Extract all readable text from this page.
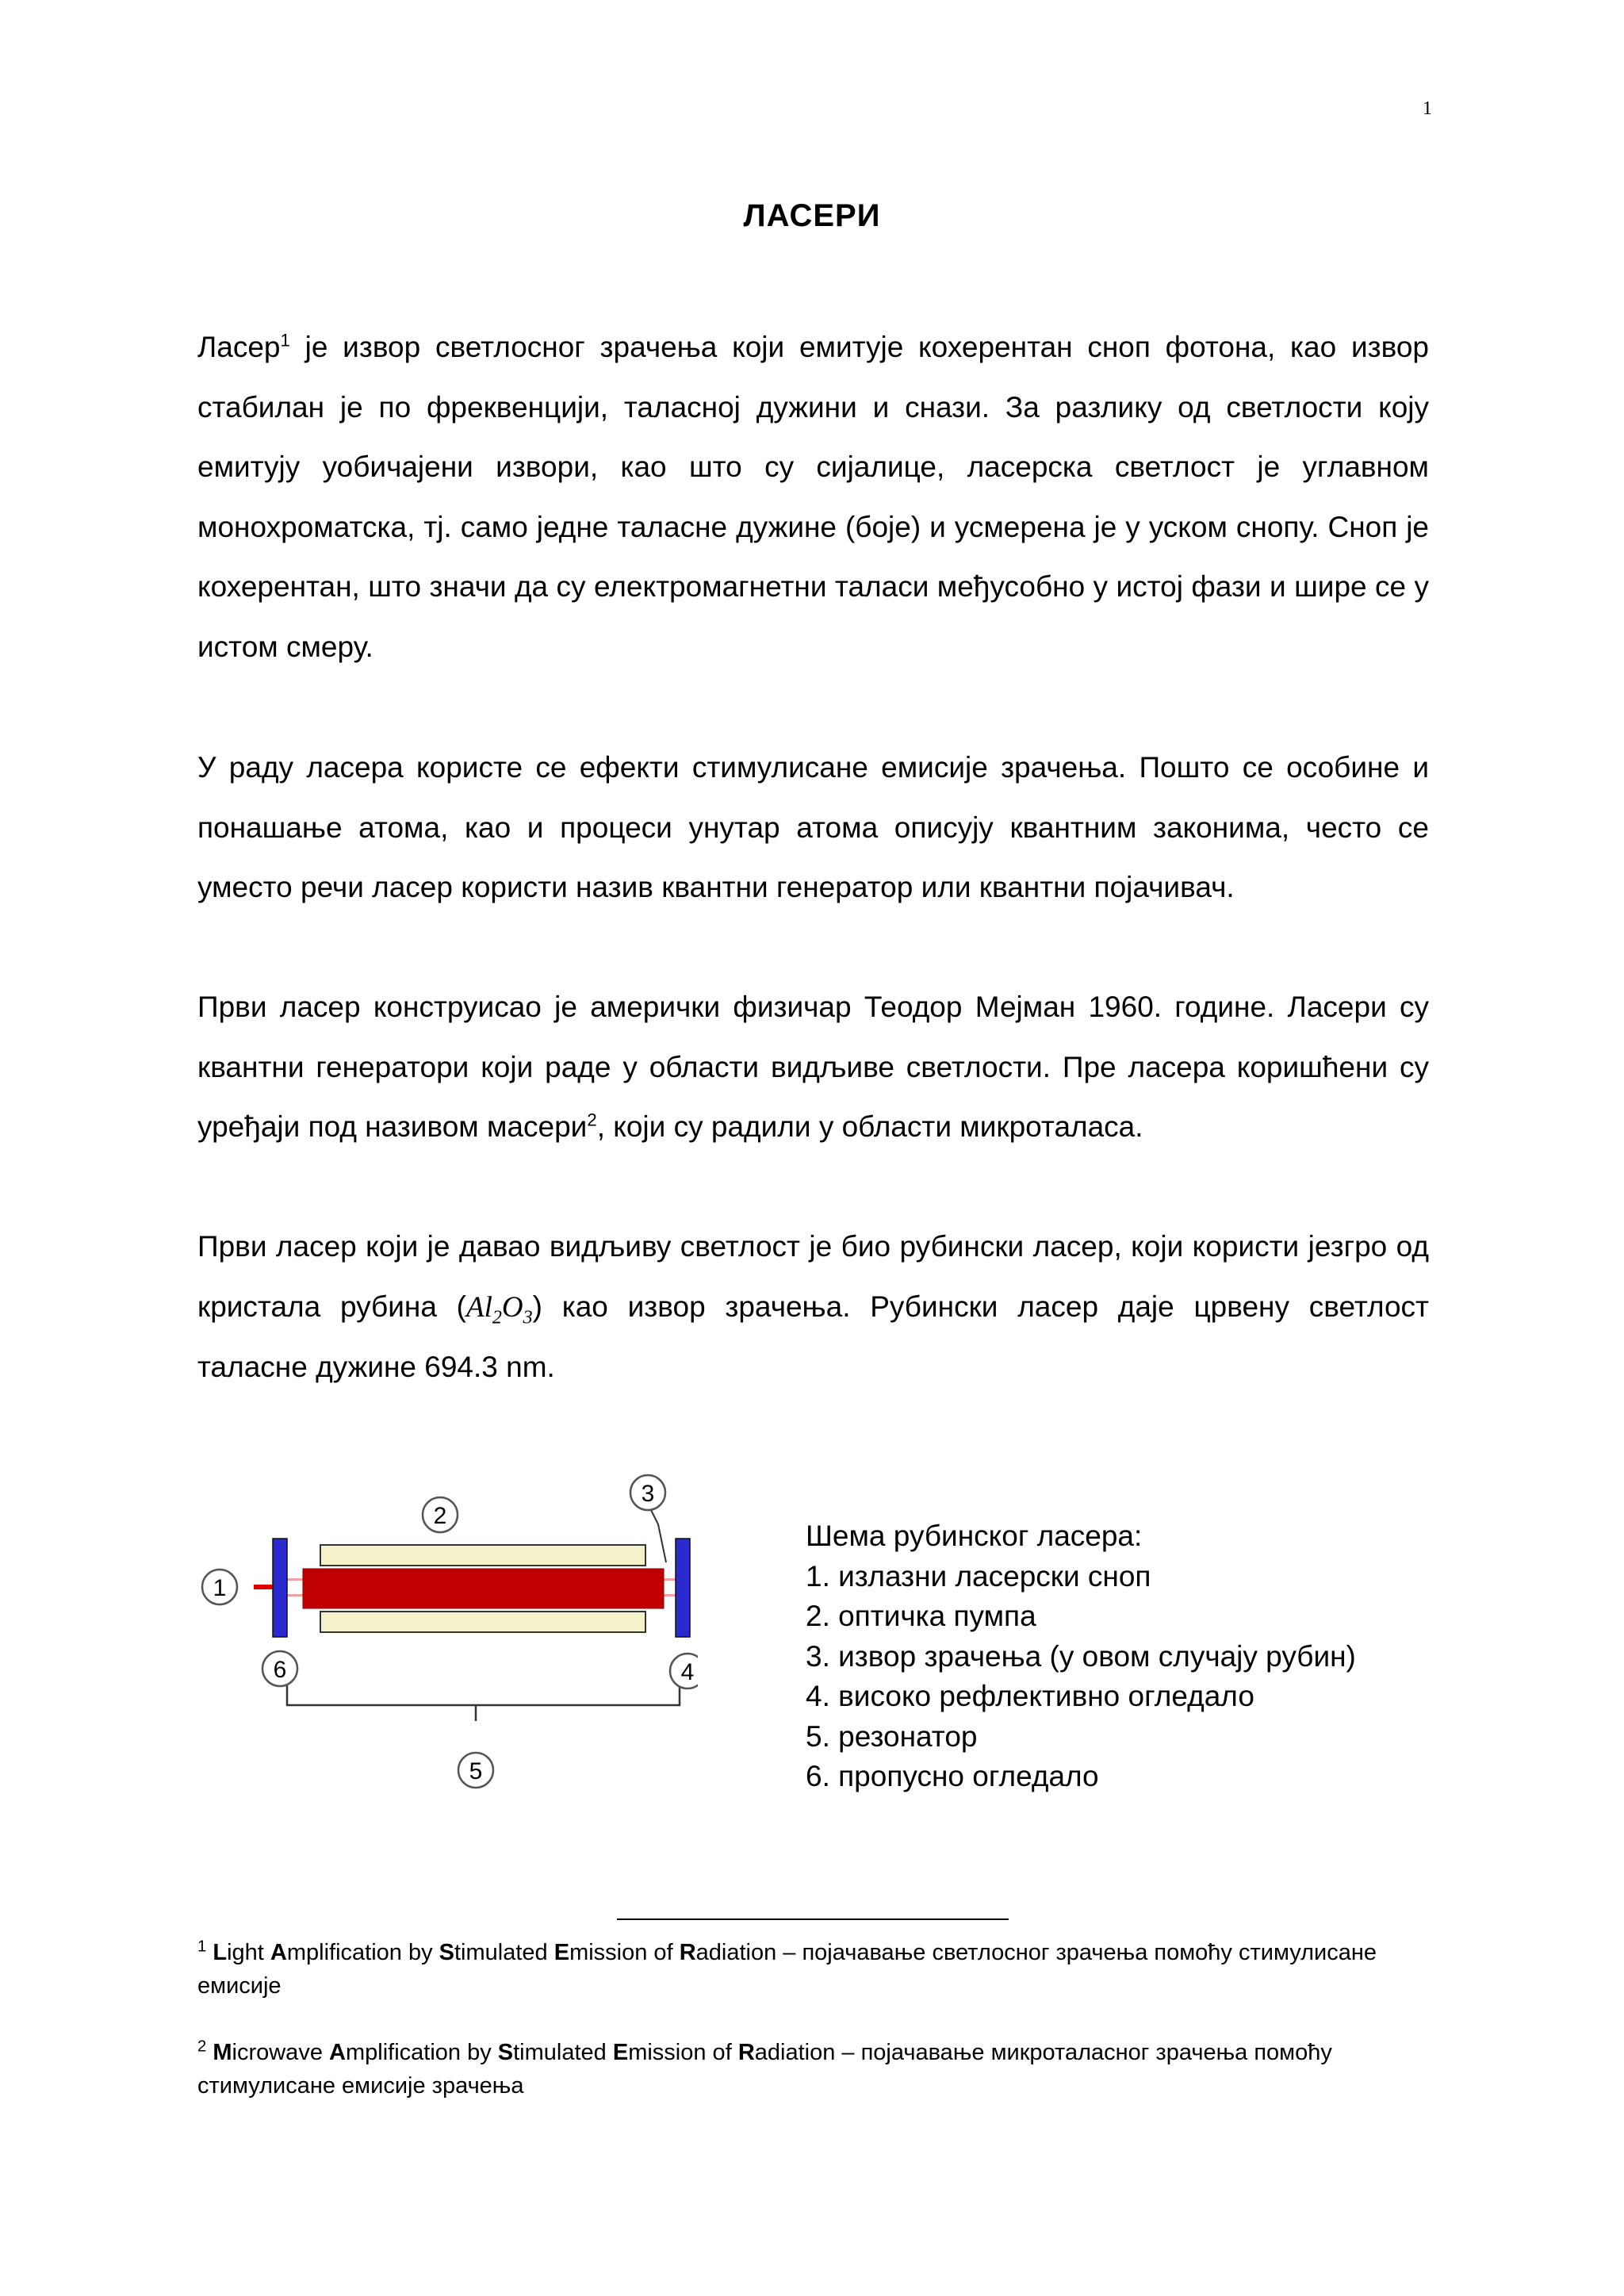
1
ЛАСЕРИ

Ласер$^1$ је извор светлосног зрачења који емитује кохерентан сноп фотона, као извор стабилан је по фреквенцији, таласној дужини и снази. За разлику од светлости коју емитују уобичајени извори, као што су сијалице, ласерска светлост је углавном монохроматска, тј. само једне таласне дужине (боје) и усмерена је у уском снопу. Сноп је кохерентан, што значи да су електромагнетни таласи међусобно у истој фази и шире се у истом смеру.

У раду ласера користе се ефекти стимулисане емисије зрачења. Пошто се особине и понашање атома, као и процеси унутар атома описују квантним законима, често се уместо речи ласер користи назив квантни генератор или квантни појачивач.

Први ласер конструисао је амерички физичар Теодор Мејман 1960. године. Ласери су квантни генератори који раде у области видљиве светлости. Пре ласера коришћени су уређаји под називом масери$^2$, који су радили у области микроталаса.

Први ласер који је давао видљиву светлост је био рубински ласер, који користи језгро од кристала рубина $(Al_2O_3)$ као извор зрачења. Рубински ласер даје црвену светлост таласне дужине 694.3 nm.

1
2
3
4
5
6
Шема рубинског ласера:
1. излазни ласерски сноп
2. оптичка пумпа
3. извор зрачења (у овом случају рубин)
4. високо рефлективно огледало
5. резонатор
6. пропусно огледало

$^1$ Light Amplification by Stimulated Emission of Radiation – појачавање светлосног зрачења помоћу стимулисане емисије

$^2$ Microwave Amplification by Stimulated Emission of Radiation – појачавање микроталасног зрачења помоћу стимулисане емисије зрачења
